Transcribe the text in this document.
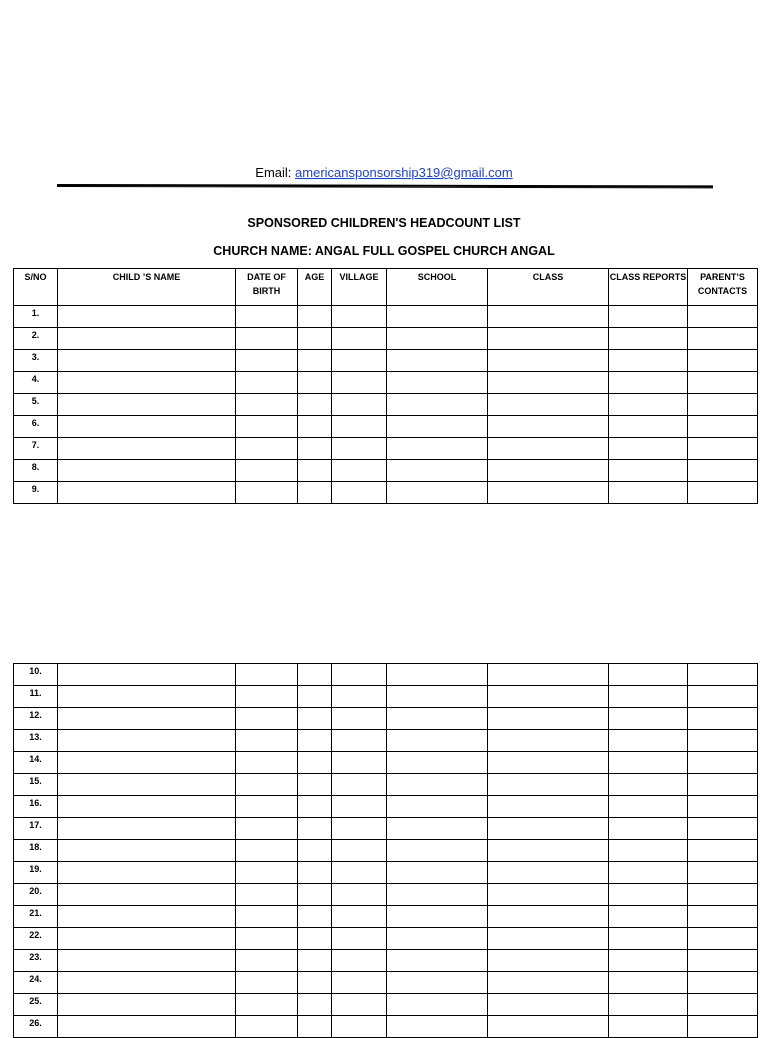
Email: americansponsorship319@gmail.com
SPONSORED CHILDREN'S HEADCOUNT LIST
CHURCH NAME: ANGAL FULL GOSPEL CHURCH ANGAL
S/NO	CHILD ’S NAME	DATE OF BIRTH	AGE	VILLAGE	SCHOOL	CLASS	CLASS REPORTS	PARENT’S CONTACTS
1.								
2.								
3.								
4.								
5.								
6.								
7.								
8.								
9.								
10.								
11.								
12.								
13.								
14.								
15.								
16.								
17.								
18.								
19.								
20.								
21.								
22.								
23.								
24.								
25.								
26.								
